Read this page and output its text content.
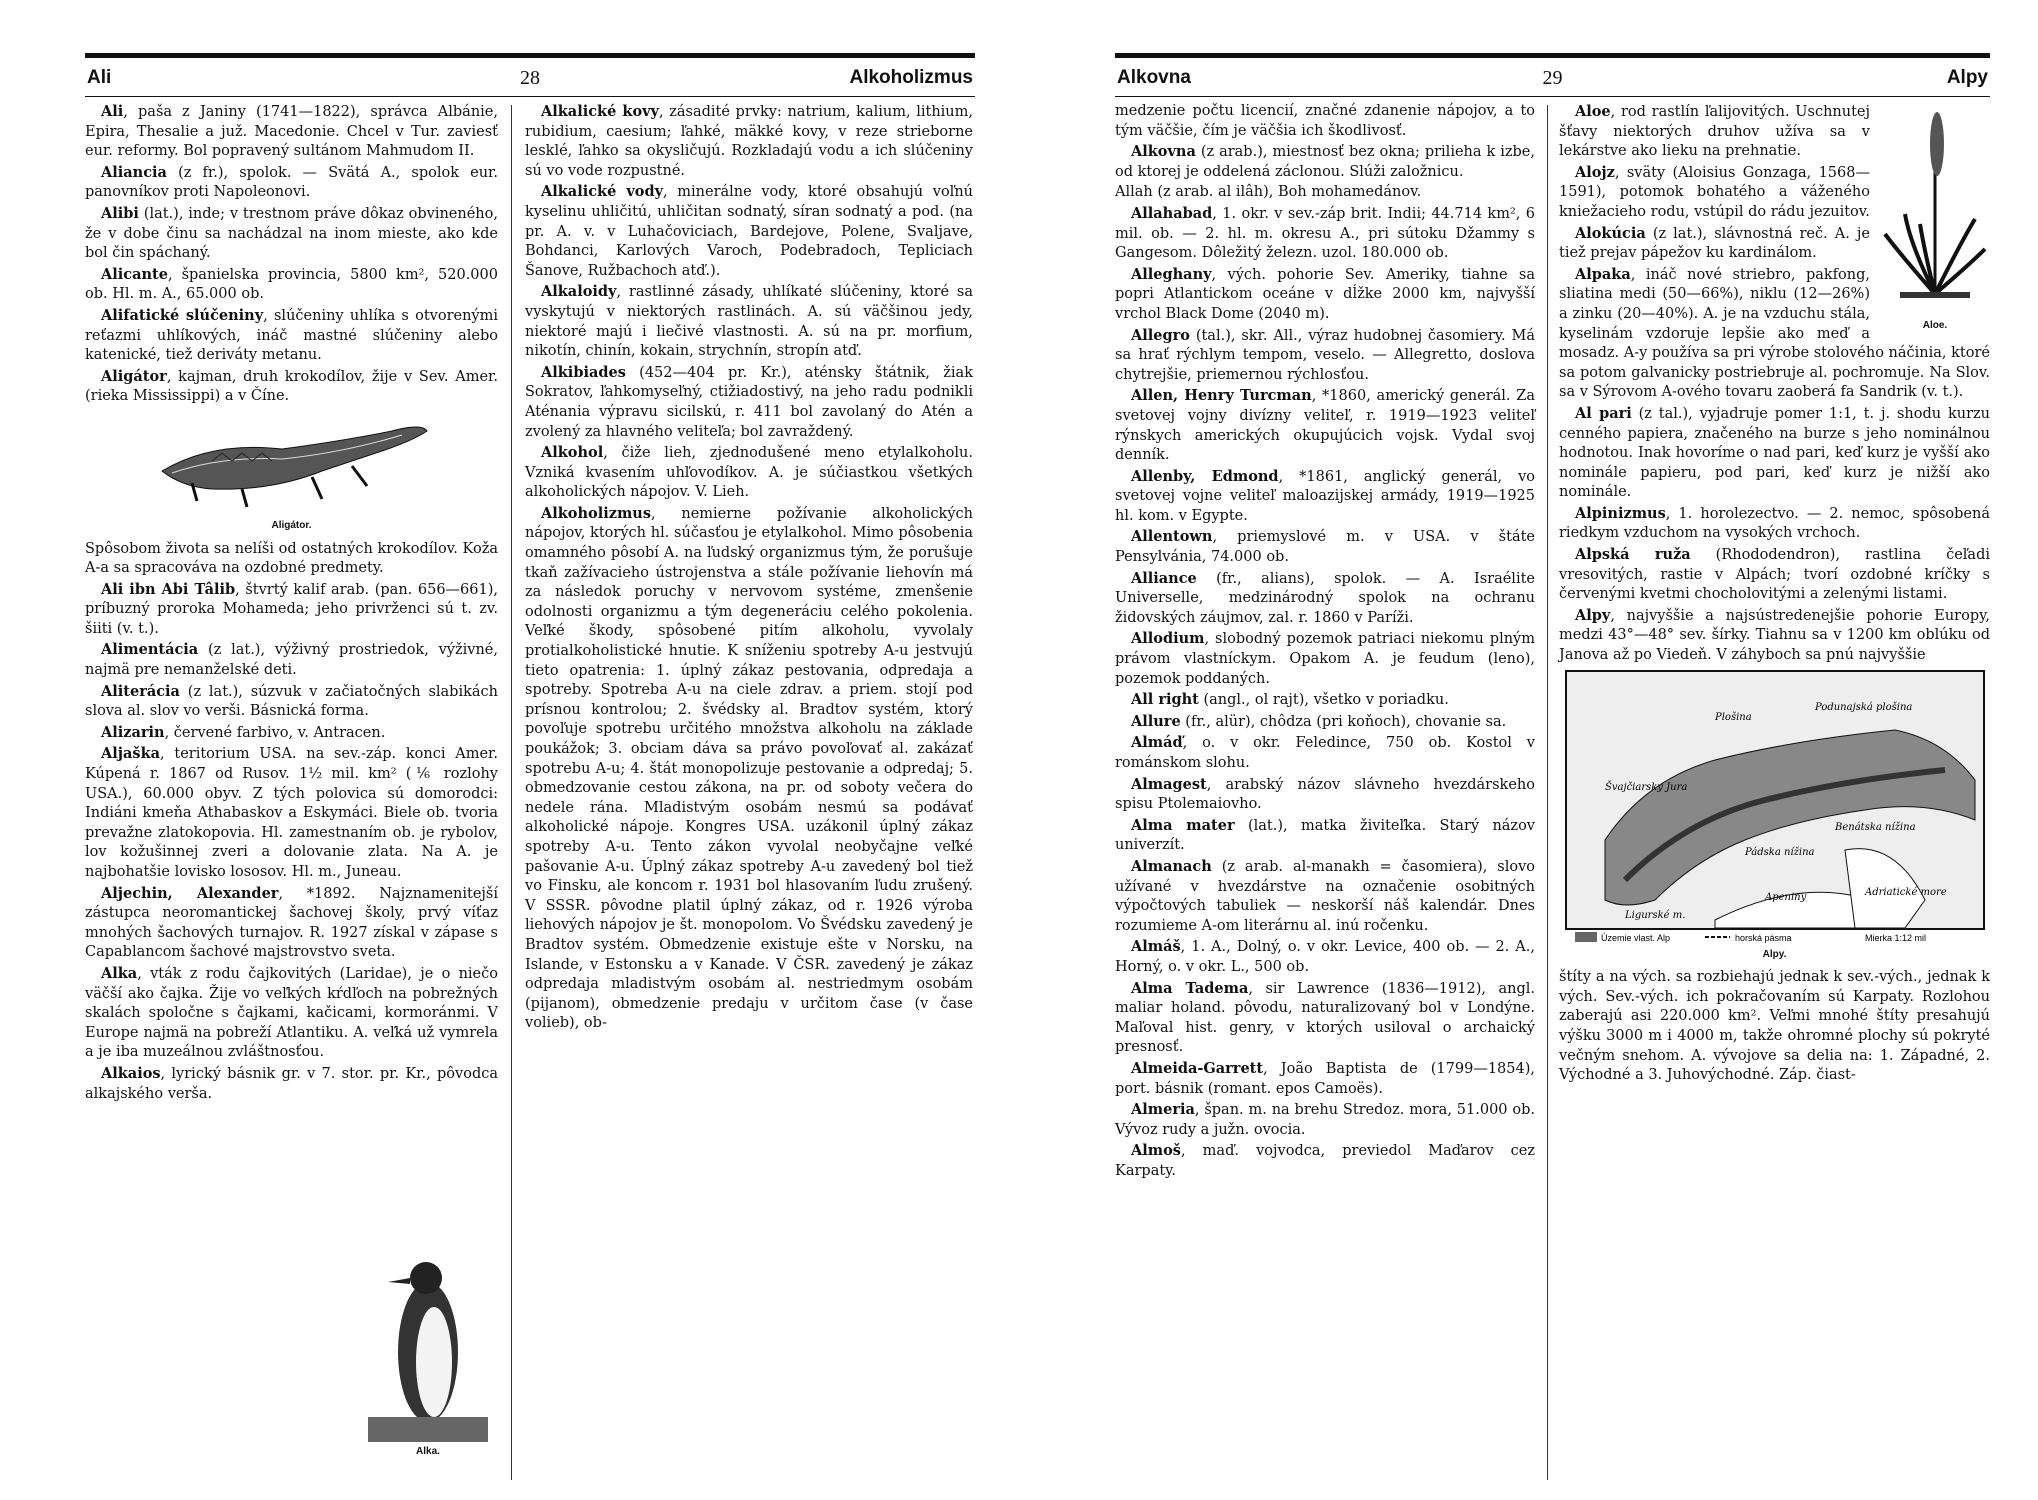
Ali	28	Alkoholizmus

Ali, paša z Janiny (1741—1822), správca Albánie, Epira, Thesalie a juž. Macedonie. Chcel v Tur. zaviesť eur. reformy. Bol popravený sultánom Mahmudom II.

Aliancia (z fr.), spolok. — Svätá A., spolok eur. panovníkov proti Napoleonovi.

Alibi (lat.), inde; v trestnom práve dôkaz obvineného, že v dobe činu sa nachádzal na inom mieste, ako kde bol čin spáchaný.

Alicante, španielska provincia, 5800 km², 520.000 ob. Hl. m. A., 65.000 ob.

Alifatické slúčeniny, slúčeniny uhlíka s otvorenými reťazmi uhlíkových, ináč mastné slúčeniny alebo katenické, tiež deriváty metanu.

Aligátor, kajman, druh krokodílov, žije v Sev. Amer. (rieka Mississippi) a v Číne.

Aligátor.

Spôsobom života sa nelíši od ostatných krokodílov. Koža A-a sa spracováva na ozdobné predmety.

Ali ibn Abi Tâlib, štvrtý kalif arab. (pan. 656—661), príbuzný proroka Mohameda; jeho privrženci sú t. zv. šiiti (v. t.).

Alimentácia (z lat.), výživný prostriedok, výživné, najmä pre nemanželské deti.

Aliterácia (z lat.), súzvuk v začiatočných slabikách slova al. slov vo verši. Básnická forma.

Alizarin, červené farbivo, v. Antracen.

Aljaška, teritorium USA. na sev.-záp. konci Amer. Kúpená r. 1867 od Rusov. 1½ mil. km² (⅙ rozlohy USA.), 60.000 obyv. Z tých polovica sú domorodci: Indiáni kmeňa Athabaskov a Eskymáci. Biele ob. tvoria prevažne zlatokopovia. Hl. zamestnaním ob. je rybolov, lov kožušinnej zveri a dolovanie zlata. Na A. je najbohatšie lovisko lososov. Hl. m., Juneau.

Aljechin, Alexander, *1892. Najznamenitejší zástupca neoromantickej šachovej školy, prvý víťaz mnohých šachových turnajov. R. 1927 získal v zápase s Capablancom šachové majstrovstvo sveta.

Alka, vták z rodu čajkovitých (Laridae), je o niečo väčší ako čajka. Žije vo veľkých kŕdľoch na pobrežných skalách spoločne s čajkami, kačicami, kormoránmi. V Europe najmä na pobreží Atlantiku. A. veľká už vymrela a je iba muzeálnou zvláštnosťou.

Alkaios, lyrický básnik gr. v 7. stor. pr. Kr., pôvodca alkajského verša.

Alka.

Alkalické kovy, zásadité prvky: natrium, kalium, lithium, rubidium, caesium; ľahké, mäkké kovy, v reze strieborne lesklé, ľahko sa okysličujú. Rozkladajú vodu a ich slúčeniny sú vo vode rozpustné.

Alkalické vody, minerálne vody, ktoré obsahujú voľnú kyselinu uhličitú, uhličitan sodnatý, síran sodnatý a pod. (na pr. A. v. v Luhačoviciach, Bardejove, Polene, Svaljave, Bohdanci, Karlových Varoch, Podebradoch, Tepliciach Šanove, Ružbachoch atď.).

Alkaloidy, rastlinné zásady, uhlíkaté slúčeniny, ktoré sa vyskytujú v niektorých rastlinách. A. sú väčšinou jedy, niektoré majú i liečivé vlastnosti. A. sú na pr. morfium, nikotín, chinín, kokain, strychnín, stropín atď.

Alkibiades (452—404 pr. Kr.), aténsky štátnik, žiak Sokratov, ľahkomyseľný, ctižiadostivý, na jeho radu podnikli Aténania výpravu sicilskú, r. 411 bol zavolaný do Atén a zvolený za hlavného veliteľa; bol zavraždený.

Alkohol, čiže lieh, zjednodušené meno etylalkoholu. Vzniká kvasením uhľovodíkov. A. je súčiastkou všetkých alkoholických nápojov. V. Lieh.

Alkoholizmus, nemierne požívanie alkoholických nápojov, ktorých hl. súčasťou je etylalkohol. Mimo pôsobenia omamného pôsobí A. na ľudský organizmus tým, že porušuje tkaň zažívacieho ústrojenstva a stále požívanie liehovín má za následok poruchy v nervovom systéme, zmenšenie odolnosti organizmu a tým degeneráciu celého pokolenia. Veľké škody, spôsobené pitím alkoholu, vyvolaly protialkoholistické hnutie. K sníženiu spotreby A-u jestvujú tieto opatrenia: 1. úplný zákaz pestovania, odpredaja a spotreby. Spotreba A-u na ciele zdrav. a priem. stojí pod prísnou kontrolou; 2. švédsky al. Bradtov systém, ktorý povoľuje spotrebu určitého množstva alkoholu na základe poukážok; 3. obciam dáva sa právo povoľovať al. zakázať spotrebu A-u; 4. štát monopolizuje pestovanie a odpredaj; 5. obmedzovanie cestou zákona, na pr. od soboty večera do nedele rána. Mladistvým osobám nesmú sa podávať alkoholické nápoje. Kongres USA. uzákonil úplný zákaz spotreby A-u. Tento zákon vyvolal neobyčajne veľké pašovanie A-u. Úplný zákaz spotreby A-u zavedený bol tiež vo Finsku, ale koncom r. 1931 bol hlasovaním ľudu zrušený. V SSSR. pôvodne platil úplný zákaz, od r. 1926 výroba liehových nápojov je št. monopolom. Vo Švédsku zavedený je Bradtov systém. Obmedzenie existuje ešte v Norsku, na Islande, v Estonsku a v Kanade. V ČSR. zavedený je zákaz odpredaja mladistvým osobám al. nestriedmym osobám (pijanom), obmedzenie predaju v určitom čase (v čase volieb), ob-

Alkovna	29	Alpy

medzenie počtu licencií, značné zdanenie nápojov, a to tým väčšie, čím je väčšia ich škodlivosť.

Alkovna (z arab.), miestnosť bez okna; prilieha k izbe, od ktorej je oddelená záclonou. Slúži založnicu.

Allah (z arab. al ilâh), Boh mohamedánov.

Allahabad, 1. okr. v sev.-záp brit. Indii; 44.714 km², 6 mil. ob. — 2. hl. m. okresu A., pri sútoku Džammy s Gangesom. Dôležitý železn. uzol. 180.000 ob.

Alleghany, vých. pohorie Sev. Ameriky, tiahne sa popri Atlantickom oceáne v dĺžke 2000 km, najvyšší vrchol Black Dome (2040 m).

Allegro (tal.), skr. All., výraz hudobnej časomiery. Má sa hrať rýchlym tempom, veselo. — Allegretto, doslova chytrejšie, priemernou rýchlosťou.

Allen, Henry Turcman, *1860, americký generál. Za svetovej vojny divízny veliteľ, r. 1919—1923 veliteľ rýnskych amerických okupujúcich vojsk. Vydal svoj denník.

Allenby, Edmond, *1861, anglický generál, vo svetovej vojne veliteľ maloazijskej armády, 1919—1925 hl. kom. v Egypte.

Allentown, priemyslové m. v USA. v štáte Pensylvánia, 74.000 ob.

Alliance (fr., alians), spolok. — A. Israélite Universelle, medzinárodný spolok na ochranu židovských záujmov, zal. r. 1860 v Paríži.

Allodium, slobodný pozemok patriaci niekomu plným právom vlastníckym. Opakom A. je feudum (leno), pozemok poddaných.

All right (angl., ol rajt), všetko v poriadku.

Allure (fr., alür), chôdza (pri koňoch), chovanie sa.

Almáď, o. v okr. Feledince, 750 ob. Kostol v románskom slohu.

Almagest, arabský názov slávneho hvezdárskeho spisu Ptolemaiovho.

Alma mater (lat.), matka živiteľka. Starý názov univerzít.

Almanach (z arab. al-manakh = časomiera), slovo užívané v hvezdárstve na označenie osobitných výpočtových tabuliek — neskorší náš kalendár. Dnes rozumieme A-om literárnu al. inú ročenku.

Almáš, 1. A., Dolný, o. v okr. Levice, 400 ob. — 2. A., Horný, o. v okr. L., 500 ob.

Alma Tadema, sir Lawrence (1836—1912), angl. maliar holand. pôvodu, naturalizovaný bol v Londýne. Maľoval hist. genry, v ktorých usiloval o archaický presnosť.

Almeida-Garrett, João Baptista de (1799—1854), port. básnik (romant. epos Camoës).

Almeria, špan. m. na brehu Stredoz. mora, 51.000 ob. Vývoz rudy a južn. ovocia.

Almoš, maď. vojvodca, previedol Maďarov cez Karpaty.

Aloe.

Aloe, rod rastlín ľalijovitých. Uschnutej šťavy niektorých druhov užíva sa v lekárstve ako lieku na prehnatie.

Alojz, sväty (Aloisius Gonzaga, 1568—1591), potomok bohatého a váženého kniežacieho rodu, vstúpil do rádu jezuitov.

Alokúcia (z lat.), slávnostná reč. A. je tiež prejav pápežov ku kardinálom.

Alpaka, ináč nové striebro, pakfong, sliatina medi (50—66%), niklu (12—26%) a zinku (20—40%). A. je na vzduchu stála, kyselinám vzdoruje lepšie ako meď a mosadz. A-y používa sa pri výrobe stolového náčinia, ktoré sa potom galvanicky postriebruje al. pochromuje. Na Slov. sa v Sýrovom A-ového tovaru zaoberá fa Sandrik (v. t.).

Al pari (z tal.), vyjadruje pomer 1:1, t. j. shodu kurzu cenného papiera, značeného na burze s jeho nominálnou hodnotou. Inak hovoríme o nad pari, keď kurz je vyšší ako nominále papieru, pod pari, keď kurz je nižší ako nominále.

Alpinizmus, 1. horolezectvo. — 2. nemoc, spôsobená riedkym vzduchom na vysokých vrchoch.

Alpská ruža (Rhododendron), rastlina čeľadi vresovitých, rastie v Alpách; tvorí ozdobné kríčky s červenými kvetmi chocholovitými a zelenými listami.

Alpy, najvyššie a najsústredenejšie pohorie Europy, medzi 43°—48° sev. šírky. Tiahnu sa v 1200 km oblúku od Janova až po Viedeň. V záhyboch sa pnú najvyššie

Územie vlast. Alp	horská pásma	Mierka 1:12 mil
Plošina
Švajčiarsky Jura
Podunajská plošina
Pádska nížina
Ligurské m.
Adriatické more
Benátska nížina
Apeniny
Alpy.

štíty a na vých. sa rozbiehajú jednak k sev.-vých., jednak k vých. Sev.-vých. ich pokračovaním sú Karpaty. Rozlohou zaberajú asi 220.000 km². Veľmi mnohé štíty presahujú výšku 3000 m i 4000 m, takže ohromné plochy sú pokryté večným snehom. A. vývojove sa delia na: 1. Západné, 2. Východné a 3. Juhovýchodné. Záp. čiast-
